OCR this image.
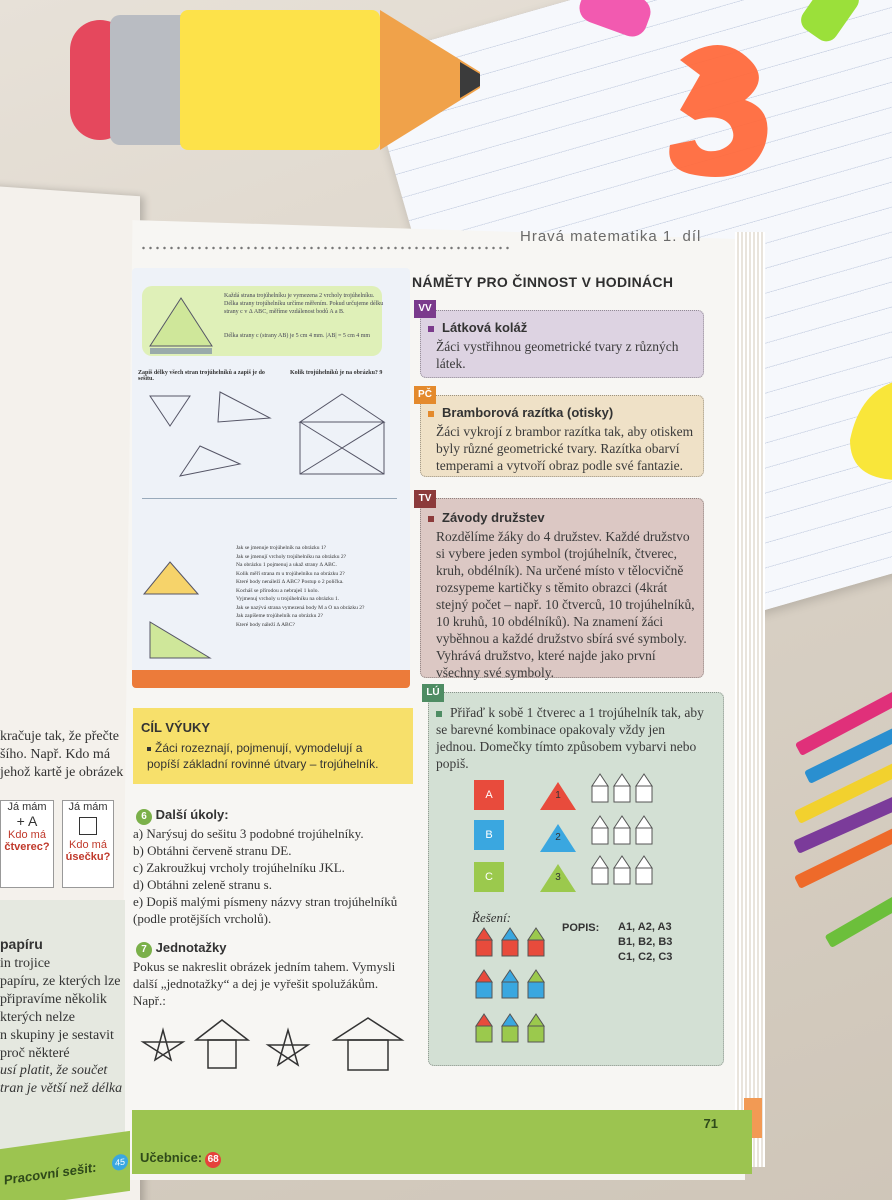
kračuje tak, že přečte
šího. Např. Kdo má
jehož kartě je obrázek
Já mám
+ A
Kdo má
čtverec?
Já mám
Kdo má
úsečku?
papíru
in trojice
papíru, ze kterých lze
připravíme několik
kterých nelze
n skupiny je sestavit
proč některé
usí platit, že součet
tran je větší než délka
Pracovní sešit:	45
Hravá matematika 1. díl
Každá strana trojúhelníku je vymezena 2 vrcholy trojúhelníku. Délka strany trojúhelníku určíme měřením. Pokud určujeme délku strany c v Δ ABC, měříme vzdálenost bodů A a B.
Délka strany c (strany AB) je 5 cm 4 mm. |AB| = 5 cm 4 mm
Zapiš délky všech stran trojúhelníků a zapiš je do sešitu.
Kolik trojúhelníků je na obrázku? 9
Jak se jmenuje trojúhelník na obrázku 1?
Jak se jmenují vrcholy trojúhelníku na obrázku 2?
Na obrázku 1 pojmenuj a ukaž strany Δ ABC.
Kolik měří strana m u trojúhelníku na obrázku 2?
Které body nenáleží Δ ABC? Postup o 2 políčka.
Kocháš se přírodou a nebraješ 1 kolo.
Vyjmenuj vrcholy u trojúhelníku na obrázku 1.
Jak se nazývá strana vymezená body M a O na obrázku 2?
Jak zapíšeme trojúhelník na obrázku 2?
Které body náleží Δ ABC?
CÍL VÝUKY
Žáci rozeznají, pojmenují, vymodelují a popíší základní rovinné útvary – trojúhelník.
6 Další úkoly:
a) Narýsuj do sešitu 3 podobné trojúhelníky.
b) Obtáhni červeně stranu DE.
c) Zakroužkuj vrcholy trojúhelníku JKL.
d) Obtáhni zeleně stranu s.
e) Dopiš malými písmeny názvy stran trojúhelníků (podle protějších vrcholů).
7 Jednotažky
Pokus se nakreslit obrázek jedním tahem. Vymysli další „jednotažky“ a dej je vyřešit spolužákům.
Např.:
NÁMĚTY PRO ČINNOST V HODINÁCH
VV
Látková koláž
Žáci vystřihnou geometrické tvary z různých látek.
PČ
Bramborová razítka (otisky)
Žáci vykrojí z brambor razítka tak, aby otiskem byly různé geometrické tvary. Razítka obarví temperami a vytvoří obraz podle své fantazie.
TV
Závody družstev
Rozdělíme žáky do 4 družstev. Každé družstvo si vybere jeden symbol (trojúhelník, čtverec, kruh, obdélník). Na určené místo v tělocvičně rozsypeme kartičky s těmito obrazci (4krát stejný počet – např. 10 čtverců, 10 trojúhelníků, 10 kruhů, 10 obdélníků). Na znamení žáci vyběhnou a každé družstvo sbírá své symboly. Vyhrává družstvo, které najde jako první všechny své symboly.
LÚ
Přiřaď k sobě 1 čtverec a 1 trojúhelník tak, aby se barevné kombinace opakovaly vždy jen jednou. Domečky tímto způsobem vybarvi nebo popiš.
A
B
C
1
2
3
Řešení:
POPIS: A1, A2, A3
B1, B2, B3
C1, C2, C3
71
Učebnice: 68
